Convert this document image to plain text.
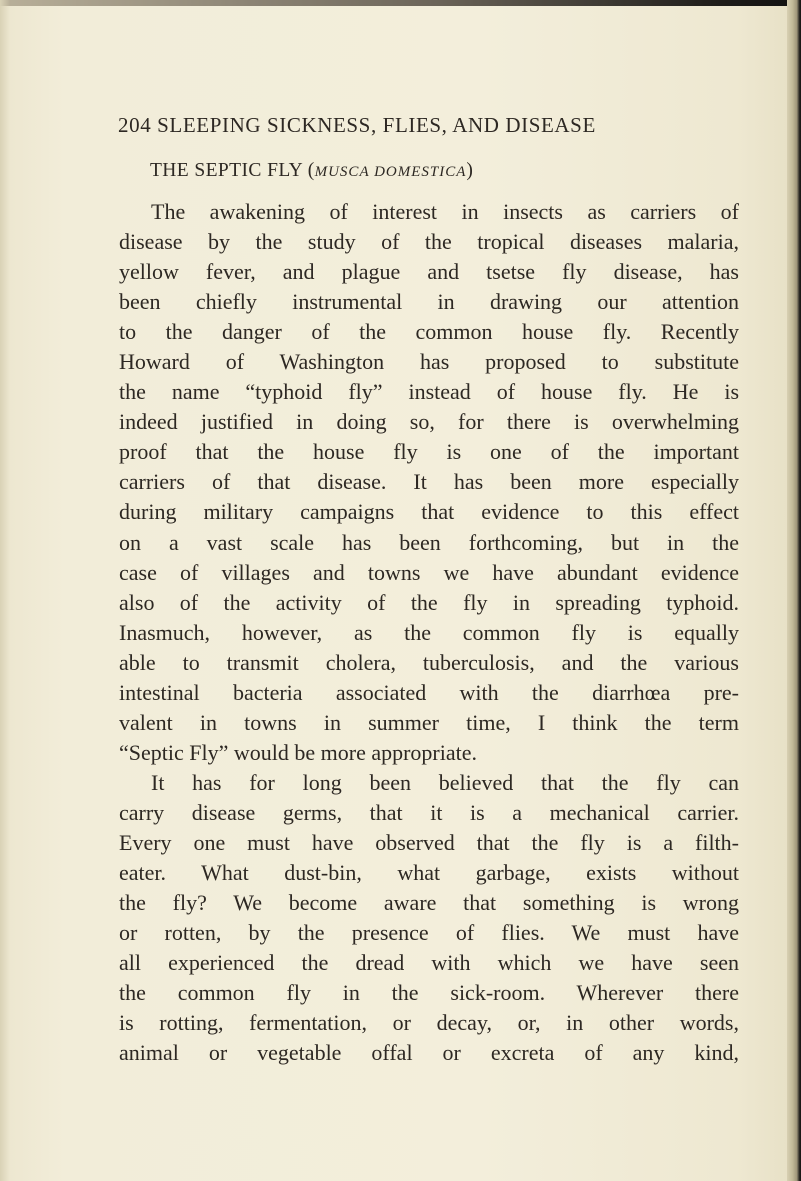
204 SLEEPING SICKNESS, FLIES, AND DISEASE
THE SEPTIC FLY (MUSCA DOMESTICA)
The awakening of interest in insects as carriers of
disease by the study of the tropical diseases malaria,
yellow fever, and plague and tsetse fly disease, has
been chiefly instrumental in drawing our attention
to the danger of the common house fly. Recently
Howard of Washington has proposed to substitute
the name “typhoid fly” instead of house fly. He is
indeed justified in doing so, for there is overwhelming
proof that the house fly is one of the important
carriers of that disease. It has been more especially
during military campaigns that evidence to this effect
on a vast scale has been forthcoming, but in the
case of villages and towns we have abundant evidence
also of the activity of the fly in spreading typhoid.
Inasmuch, however, as the common fly is equally
able to transmit cholera, tuberculosis, and the various
intestinal bacteria associated with the diarrhœa pre-
valent in towns in summer time, I think the term
“Septic Fly” would be more appropriate.
It has for long been believed that the fly can
carry disease germs, that it is a mechanical carrier.
Every one must have observed that the fly is a filth-
eater. What dust-bin, what garbage, exists without
the fly? We become aware that something is wrong
or rotten, by the presence of flies. We must have
all experienced the dread with which we have seen
the common fly in the sick-room. Wherever there
is rotting, fermentation, or decay, or, in other words,
animal or vegetable offal or excreta of any kind,
